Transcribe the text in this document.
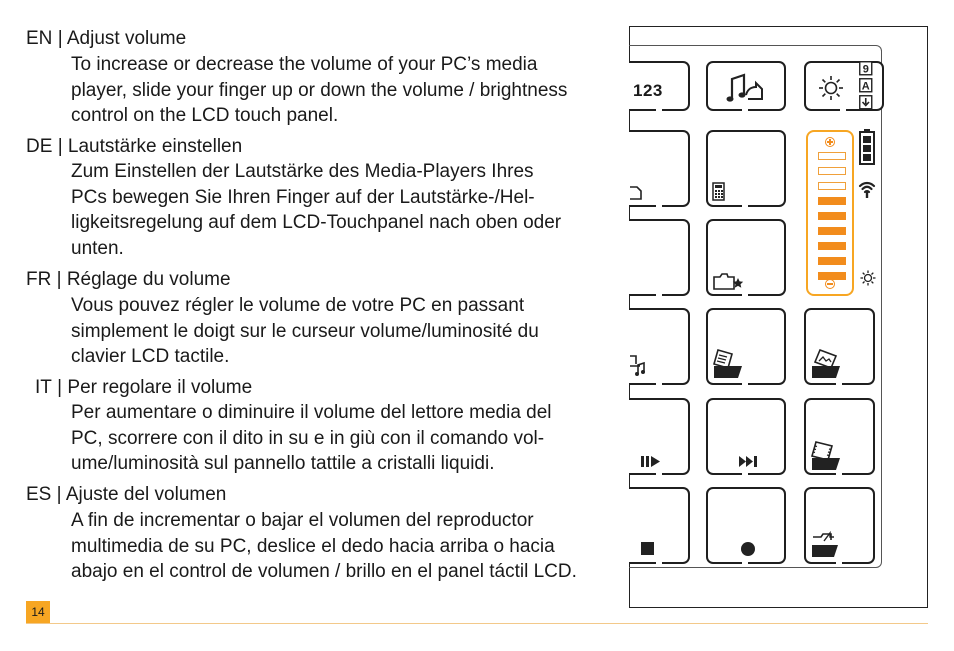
EN | Adjust volume
To increase or decrease the volume of your PC’s media
player, slide your finger up or down the volume / brightness
control on the LCD touch panel.
DE | Lautstärke einstellen
Zum Einstellen der Lautstärke des Media-Players Ihres
PCs bewegen Sie Ihren Finger auf der Lautstärke-/Hel-
ligkeitsregelung auf dem LCD-Touchpanel nach oben oder
unten.
FR | Réglage du volume
Vous pouvez régler le volume de votre PC en passant
simplement le doigt sur le curseur volume/luminosité du
clavier LCD tactile.
IT | Per regolare il volume
Per aumentare o diminuire il volume del lettore media del
PC, scorrere con il dito in su e in giù con il comando vol-
ume/luminosità sul pannello tattile a cristalli liquidi.
ES | Ajuste del volumen
A fin de incrementar o bajar el volumen del reproductor
multimedia de su PC, deslice el dedo hacia arriba o hacia
abajo en el control de volumen / brillo en el panel táctil LCD.
14
123
9
A
